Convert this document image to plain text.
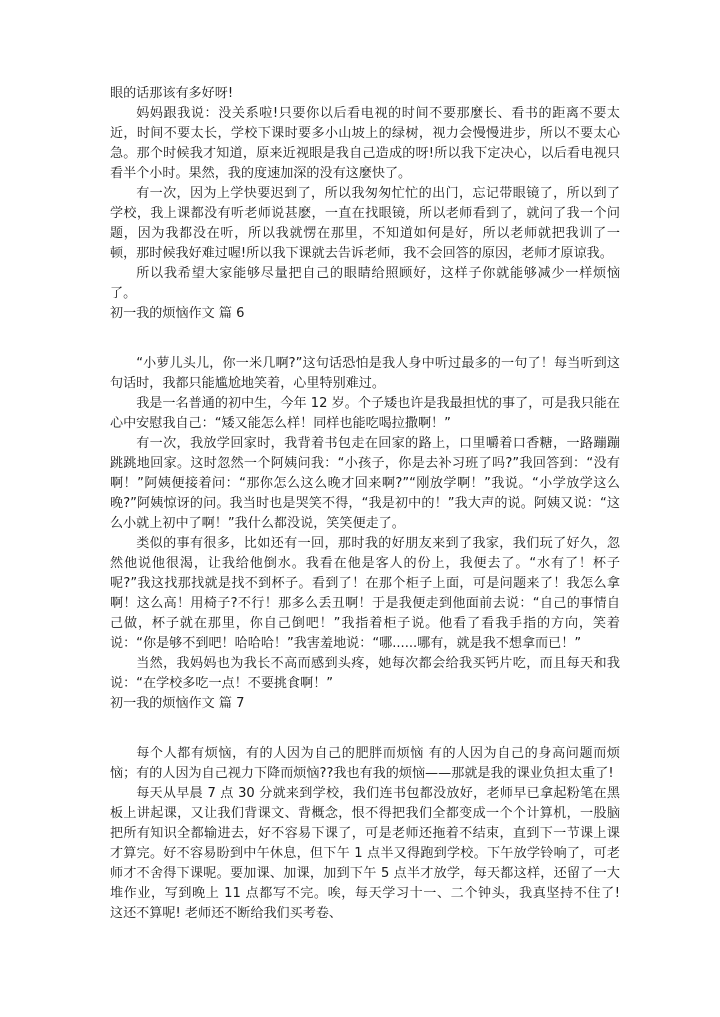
眼的话那该有多好呀!

妈妈跟我说：没关系啦!只要你以后看电视的时间不要那麼长、看书的距离不要太近，时间不要太长，学校下课时要多小山坡上的绿树，视力会慢慢进步，所以不要太心急。那个时候我才知道，原来近视眼是我自己造成的呀!所以我下定决心，以后看电视只看半个小时。果然，我的度速加深的没有这麼快了。

有一次，因为上学快要迟到了，所以我匆匆忙忙的出门，忘记带眼镜了，所以到了学校，我上课都没有听老师说甚麽，一直在找眼镜，所以老师看到了，就问了我一个问题，因为我都没在听，所以我就愣在那里，不知道如何是好，所以老师就把我训了一顿，那时候我好难过喔!所以我下课就去告诉老师，我不会回答的原因，老师才原谅我。

所以我希望大家能够尽量把自己的眼睛给照顾好，这样子你就能够减少一样烦恼了。

初一我的烦恼作文 篇 6

“小萝儿头儿，你一米几啊?”这句话恐怕是我人身中听过最多的一句了！每当听到这句话时，我都只能尴尬地笑着，心里特别难过。

我是一名普通的初中生，今年 12 岁。个子矮也许是我最担忧的事了，可是我只能在心中安慰我自己：“矮又能怎么样！同样也能吃喝拉撒啊！”

有一次，我放学回家时，我背着书包走在回家的路上，口里嚼着口香糖，一路蹦蹦跳跳地回家。这时忽然一个阿姨问我：“小孩子，你是去补习班了吗?”我回答到：“没有啊！”阿姨便接着问：“那你怎么这么晚才回来啊?”“刚放学啊！”我说。“小学放学这么晚?”阿姨惊讶的问。我当时也是哭笑不得，“我是初中的！”我大声的说。阿姨又说：“这么小就上初中了啊！”我什么都没说，笑笑便走了。

类似的事有很多，比如还有一回，那时我的好朋友来到了我家，我们玩了好久，忽然他说他很渴，让我给他倒水。我看在他是客人的份上，我便去了。“水有了！杯子呢?”我这找那找就是找不到杯子。看到了！在那个柜子上面，可是问题来了！我怎么拿啊！这么高！用椅子?不行！那多么丢丑啊！于是我便走到他面前去说：“自己的事情自己做，杯子就在那里，你自己倒吧！”我指着柜子说。他看了看我手指的方向，笑着说：“你是够不到吧！哈哈哈！”我害羞地说：“哪......哪有，就是我不想拿而已！”

当然，我妈妈也为我长不高而感到头疼，她每次都会给我买钙片吃，而且每天和我说：“在学校多吃一点！不要挑食啊！”

初一我的烦恼作文 篇 7

每个人都有烦恼，有的人因为自己的肥胖而烦恼 有的人因为自己的身高问题而烦恼；有的人因为自己视力下降而烦恼??我也有我的烦恼——那就是我的课业负担太重了!

每天从早晨 7 点 30 分就来到学校，我们连书包都没放好，老师早已拿起粉笔在黑板上讲起课，又让我们背课文、背概念，恨不得把我们全都变成一个个计算机，一股脑把所有知识全都输进去，好不容易下课了，可是老师还拖着不结束，直到下一节课上课才算完。好不容易盼到中午休息，但下午 1 点半又得跑到学校。下午放学铃响了，可老师才不舍得下课呢。要加课、加课，加到下午 5 点半才放学，每天都这样，还留了一大堆作业，写到晚上 11 点都写不完。唉，每天学习十一、二个钟头，我真坚持不住了!　这还不算呢! 老师还不断给我们买考卷、
